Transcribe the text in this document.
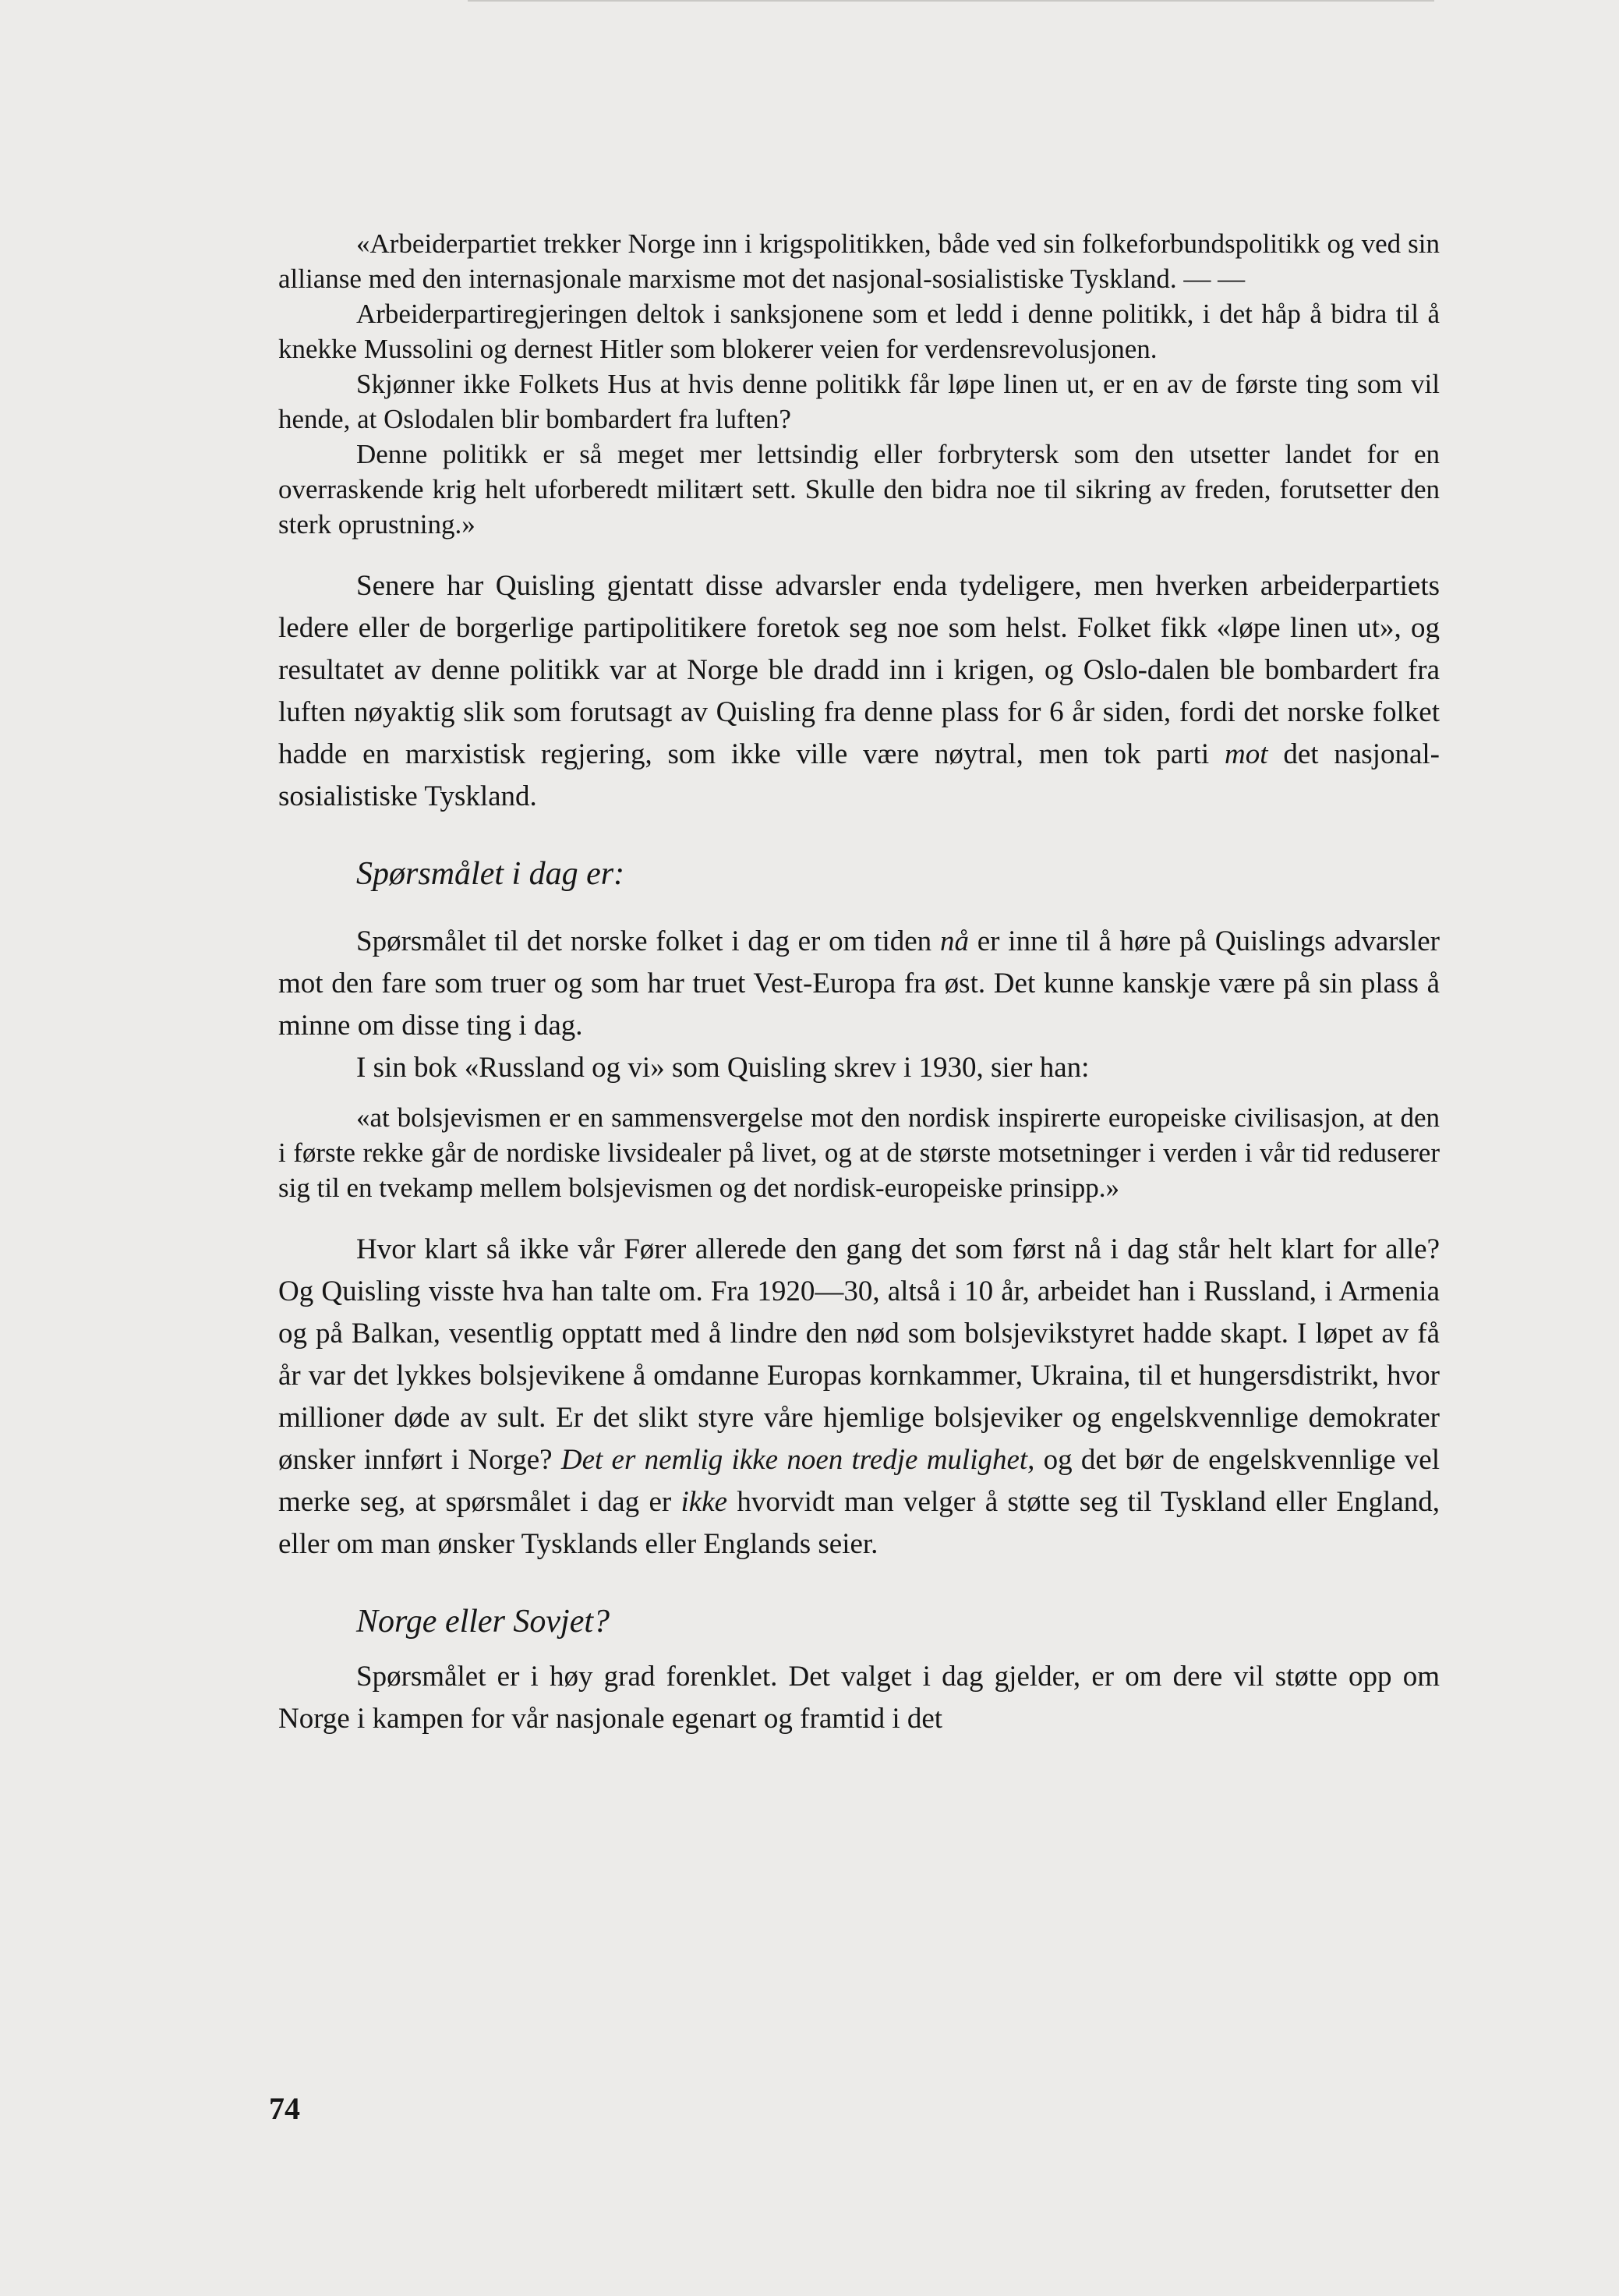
«Arbeiderpartiet trekker Norge inn i krigspolitikken, både ved sin folkeforbundspolitikk og ved sin allianse med den internasjonale marxisme mot det nasjonal-sosialistiske Tyskland. — —

Arbeiderpartiregjeringen deltok i sanksjonene som et ledd i denne politikk, i det håp å bidra til å knekke Mussolini og dernest Hitler som blokerer veien for verdensrevolusjonen.

Skjønner ikke Folkets Hus at hvis denne politikk får løpe linen ut, er en av de første ting som vil hende, at Oslodalen blir bombardert fra luften?

Denne politikk er så meget mer lettsindig eller forbrytersk som den utsetter landet for en overraskende krig helt uforberedt militært sett. Skulle den bidra noe til sikring av freden, forutsetter den sterk oprustning.»

Senere har Quisling gjentatt disse advarsler enda tydeligere, men hverken arbeiderpartiets ledere eller de borgerlige partipolitikere foretok seg noe som helst. Folket fikk «løpe linen ut», og resultatet av denne politikk var at Norge ble dradd inn i krigen, og Oslo-dalen ble bombardert fra luften nøyaktig slik som forutsagt av Quisling fra denne plass for 6 år siden, fordi det norske folket hadde en marxistisk regjering, som ikke ville være nøytral, men tok parti mot det nasjonal-sosialistiske Tyskland.

Spørsmålet i dag er:

Spørsmålet til det norske folket i dag er om tiden nå er inne til å høre på Quislings advarsler mot den fare som truer og som har truet Vest-Europa fra øst. Det kunne kanskje være på sin plass å minne om disse ting i dag.

I sin bok «Russland og vi» som Quisling skrev i 1930, sier han:

«at bolsjevismen er en sammensvergelse mot den nordisk inspirerte europeiske civilisasjon, at den i første rekke går de nordiske livsidealer på livet, og at de største motsetninger i verden i vår tid reduserer sig til en tvekamp mellem bolsjevismen og det nordisk-europeiske prinsipp.»

Hvor klart så ikke vår Fører allerede den gang det som først nå i dag står helt klart for alle? Og Quisling visste hva han talte om. Fra 1920—30, altså i 10 år, arbeidet han i Russland, i Armenia og på Balkan, vesentlig opptatt med å lindre den nød som bolsjevikstyret hadde skapt. I løpet av få år var det lykkes bolsjevikene å omdanne Europas kornkammer, Ukraina, til et hungersdistrikt, hvor millioner døde av sult. Er det slikt styre våre hjemlige bolsjeviker og engelskvennlige demokrater ønsker innført i Norge? Det er nemlig ikke noen tredje mulighet, og det bør de engelskvennlige vel merke seg, at spørsmålet i dag er ikke hvorvidt man velger å støtte seg til Tyskland eller England, eller om man ønsker Tysklands eller Englands seier.

Norge eller Sovjet?

Spørsmålet er i høy grad forenklet. Det valget i dag gjelder, er om dere vil støtte opp om Norge i kampen for vår nasjonale egenart og framtid i det

74
